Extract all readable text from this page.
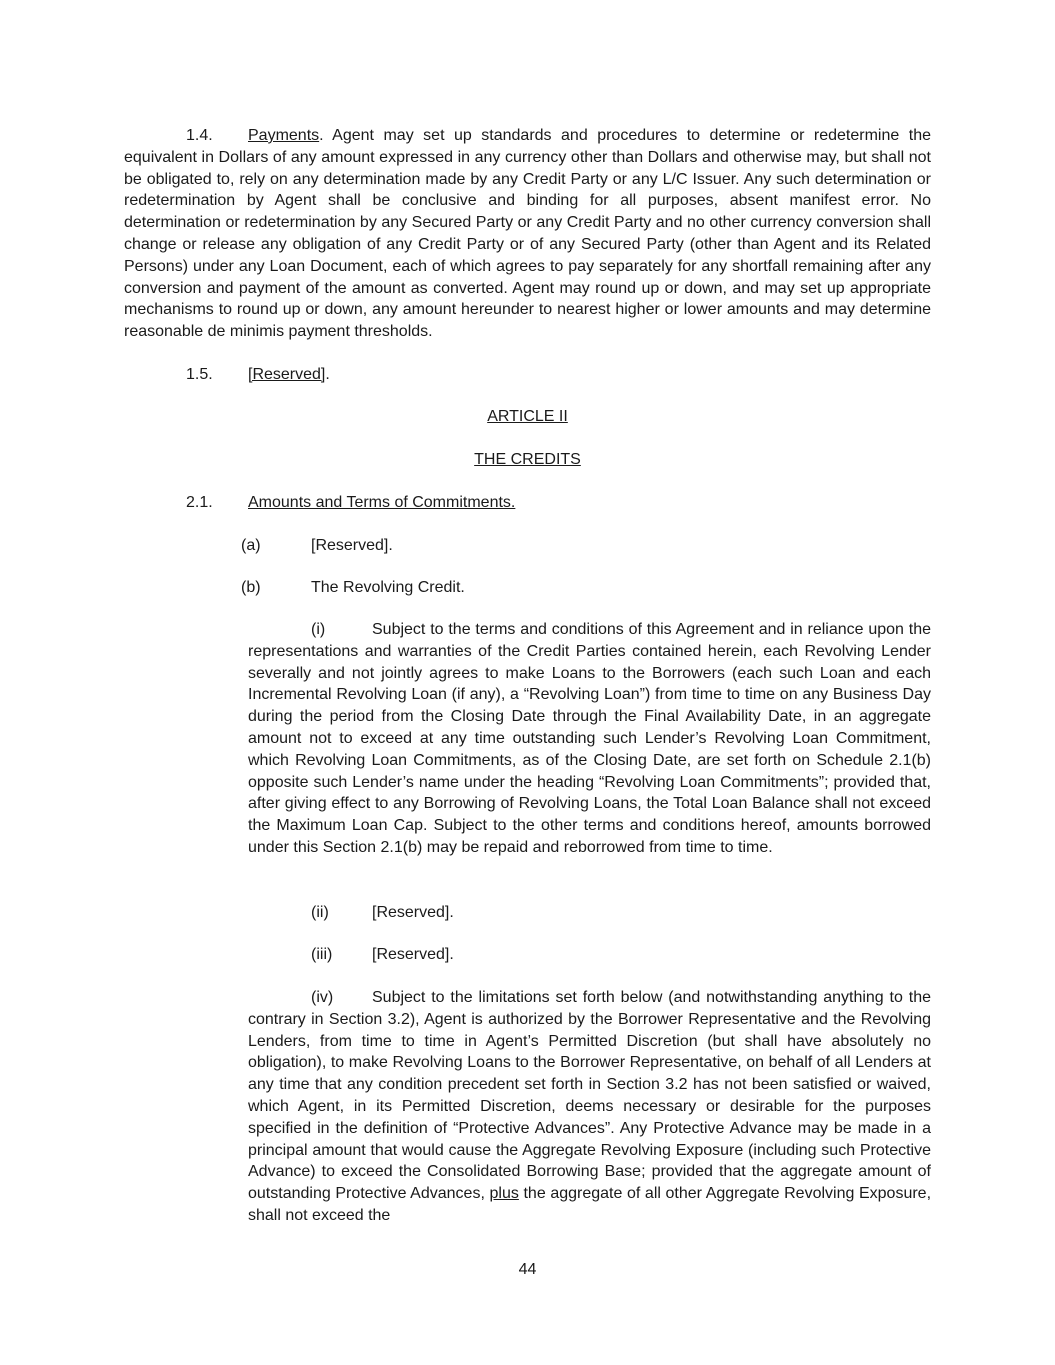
1.4. Payments. Agent may set up standards and procedures to determine or redetermine the equivalent in Dollars of any amount expressed in any currency other than Dollars and otherwise may, but shall not be obligated to, rely on any determination made by any Credit Party or any L/C Issuer. Any such determination or redetermination by Agent shall be conclusive and binding for all purposes, absent manifest error. No determination or redetermination by any Secured Party or any Credit Party and no other currency conversion shall change or release any obligation of any Credit Party or of any Secured Party (other than Agent and its Related Persons) under any Loan Document, each of which agrees to pay separately for any shortfall remaining after any conversion and payment of the amount as converted. Agent may round up or down, and may set up appropriate mechanisms to round up or down, any amount hereunder to nearest higher or lower amounts and may determine reasonable de minimis payment thresholds.
1.5. [Reserved].
ARTICLE II
THE CREDITS
2.1. Amounts and Terms of Commitments.
(a)	[Reserved].
(b)	The Revolving Credit.
(i)	Subject to the terms and conditions of this Agreement and in reliance upon the representations and warranties of the Credit Parties contained herein, each Revolving Lender severally and not jointly agrees to make Loans to the Borrowers (each such Loan and each Incremental Revolving Loan (if any), a “Revolving Loan”) from time to time on any Business Day during the period from the Closing Date through the Final Availability Date, in an aggregate amount not to exceed at any time outstanding such Lender’s Revolving Loan Commitment, which Revolving Loan Commitments, as of the Closing Date, are set forth on Schedule 2.1(b) opposite such Lender’s name under the heading “Revolving Loan Commitments”; provided that, after giving effect to any Borrowing of Revolving Loans, the Total Loan Balance shall not exceed the Maximum Loan Cap. Subject to the other terms and conditions hereof, amounts borrowed under this Section 2.1(b) may be repaid and reborrowed from time to time.
(ii)	[Reserved].
(iii) [Reserved].
(iv) Subject to the limitations set forth below (and notwithstanding anything to the contrary in Section 3.2), Agent is authorized by the Borrower Representative and the Revolving Lenders, from time to time in Agent’s Permitted Discretion (but shall have absolutely no obligation), to make Revolving Loans to the Borrower Representative, on behalf of all Lenders at any time that any condition precedent set forth in Section 3.2 has not been satisfied or waived, which Agent, in its Permitted Discretion, deems necessary or desirable for the purposes specified in the definition of “Protective Advances”. Any Protective Advance may be made in a principal amount that would cause the Aggregate Revolving Exposure (including such Protective Advance) to exceed the Consolidated Borrowing Base; provided that the aggregate amount of outstanding Protective Advances, plus the aggregate of all other Aggregate Revolving Exposure, shall not exceed the
44
